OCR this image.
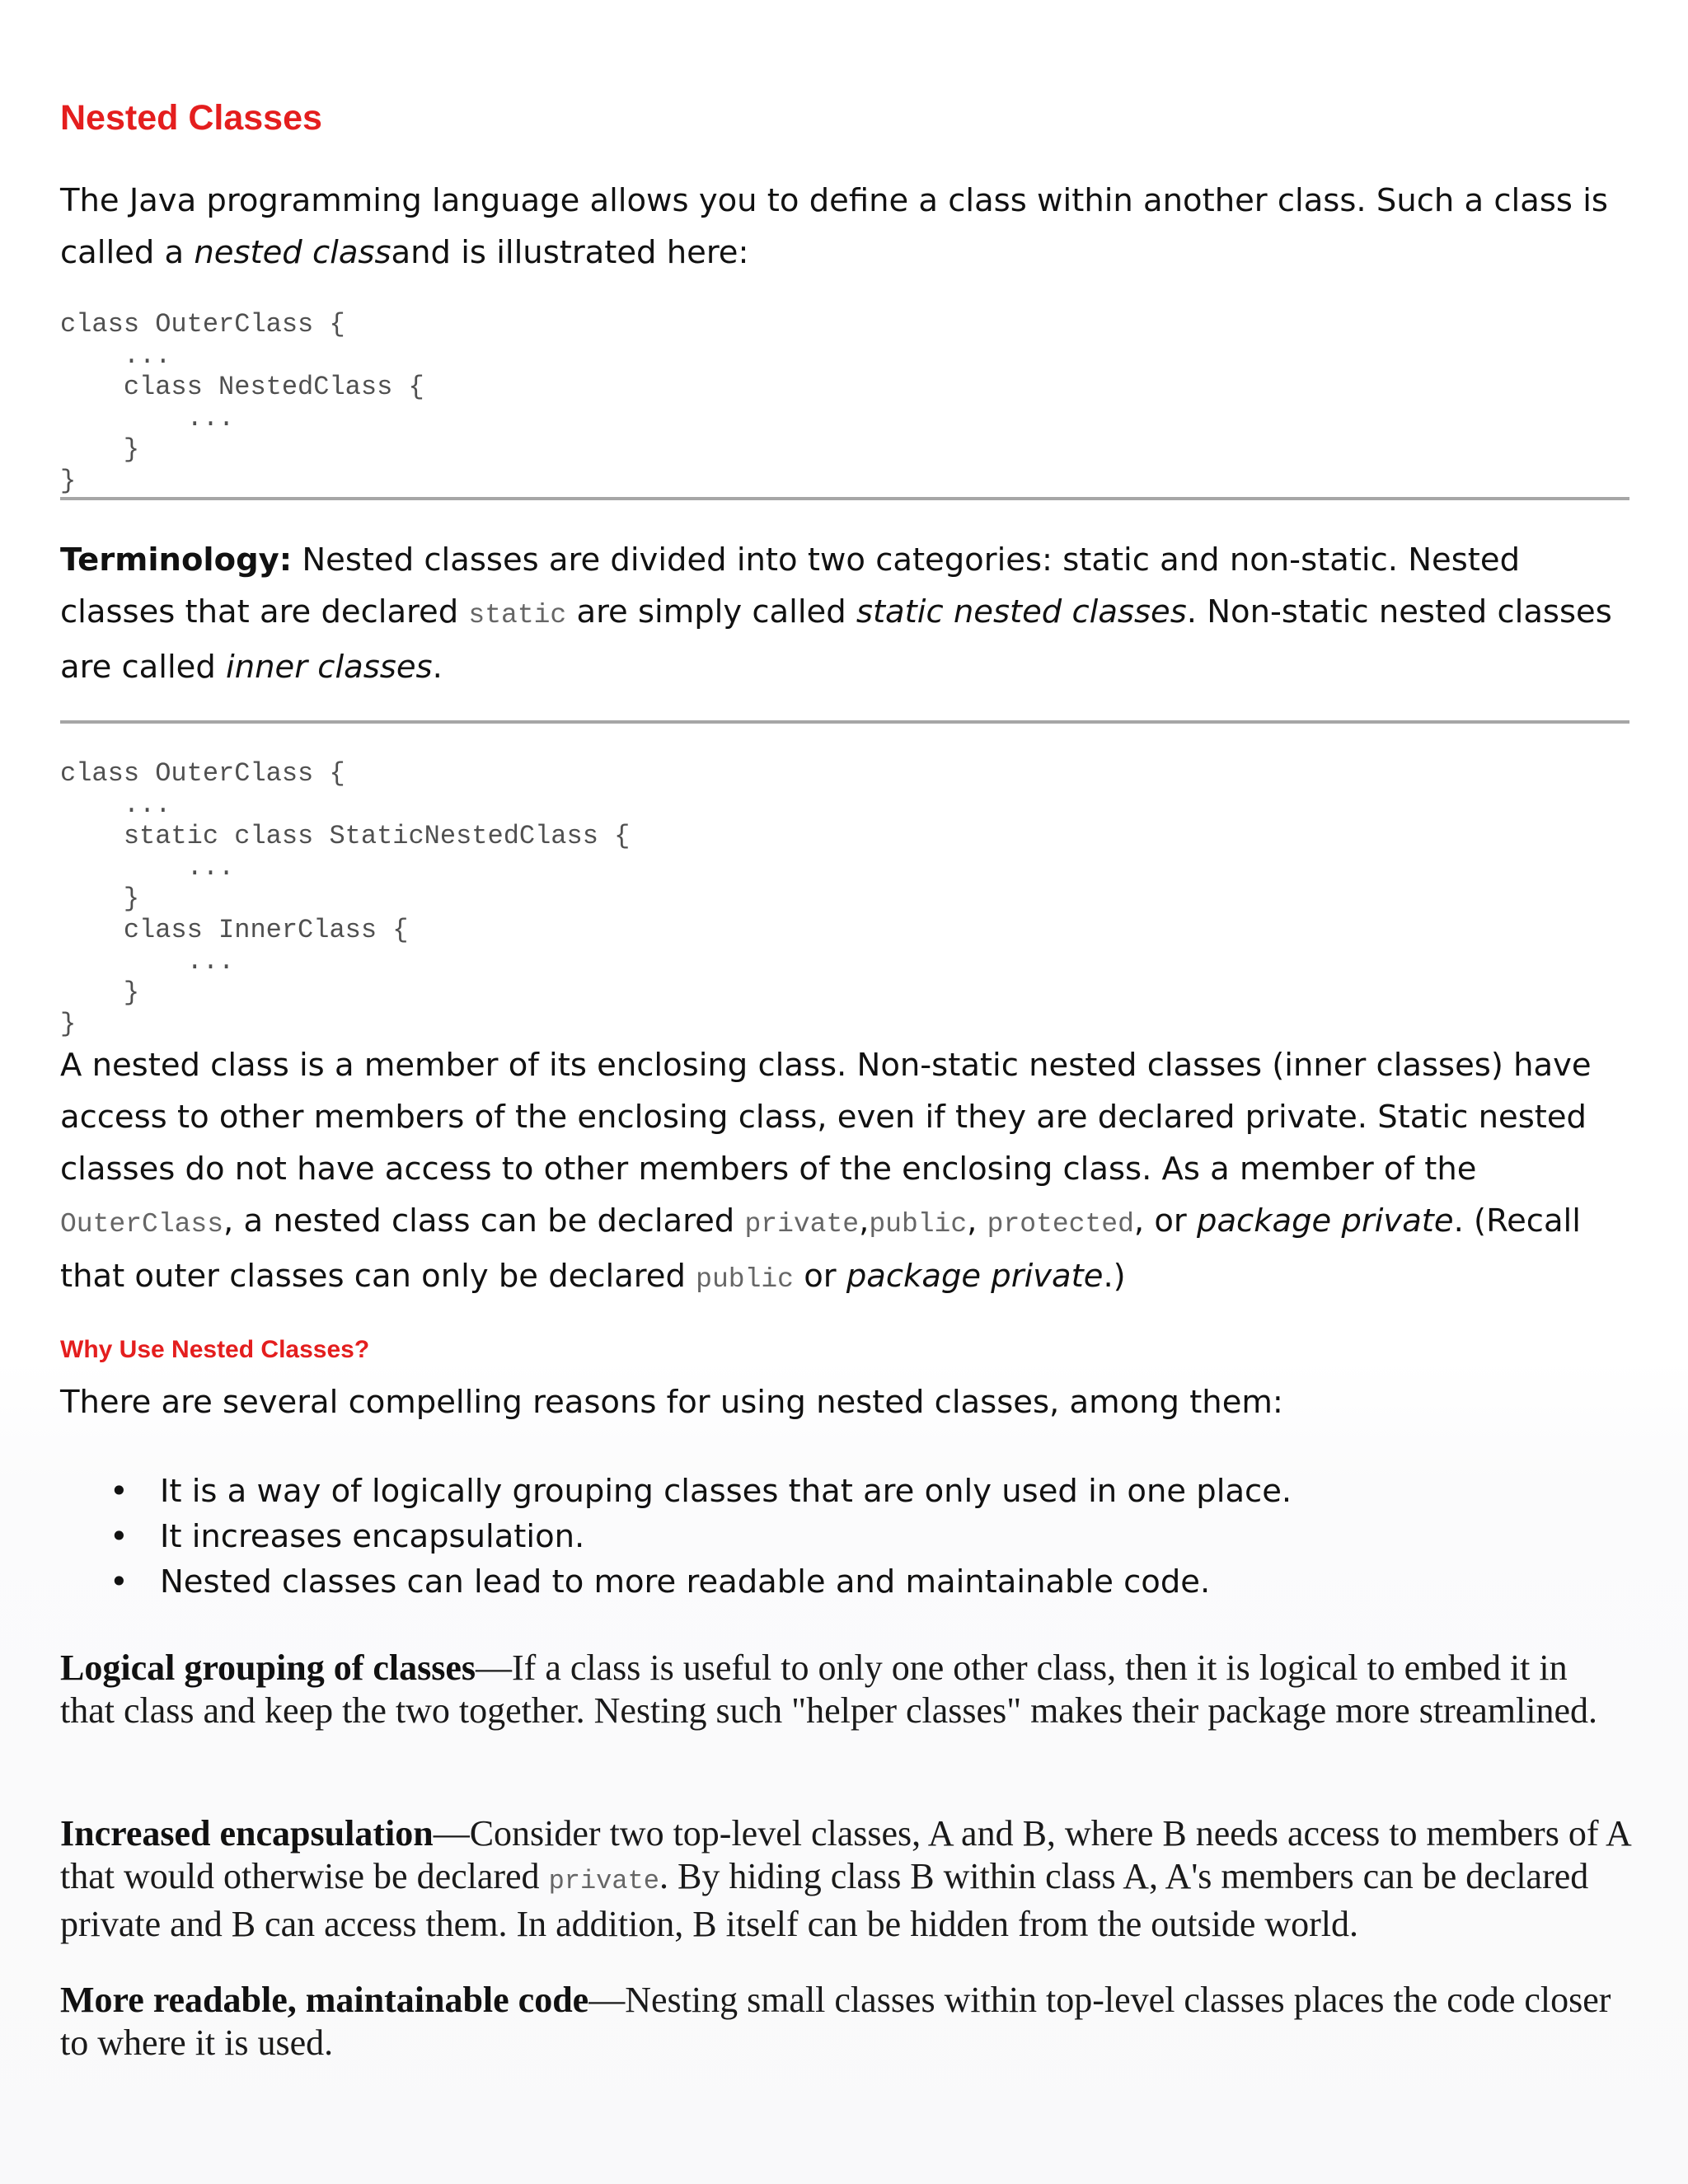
Nested Classes

The Java programming language allows you to define a class within another class. Such a class is called a nested classand is illustrated here:

class OuterClass {
...
class NestedClass {
...
}
}

Terminology: Nested classes are divided into two categories: static and non-static. Nested classes that are declared static are simply called static nested classes. Non-static nested classes are called inner classes.

class OuterClass {
...
static class StaticNestedClass {
...
}
class InnerClass {
...
}
}

A nested class is a member of its enclosing class. Non-static nested classes (inner classes) have access to other members of the enclosing class, even if they are declared private. Static nested classes do not have access to other members of the enclosing class. As a member of the OuterClass, a nested class can be declared private,public, protected, or package private. (Recall that outer classes can only be declared public or package private.)

Why Use Nested Classes?

There are several compelling reasons for using nested classes, among them:

• It is a way of logically grouping classes that are only used in one place.
• It increases encapsulation.
• Nested classes can lead to more readable and maintainable code.

Logical grouping of classes—If a class is useful to only one other class, then it is logical to embed it in that class and keep the two together. Nesting such "helper classes" makes their package more streamlined.

Increased encapsulation—Consider two top-level classes, A and B, where B needs access to members of A that would otherwise be declared private. By hiding class B within class A, A's members can be declared private and B can access them. In addition, B itself can be hidden from the outside world.

More readable, maintainable code—Nesting small classes within top-level classes places the code closer to where it is used.
